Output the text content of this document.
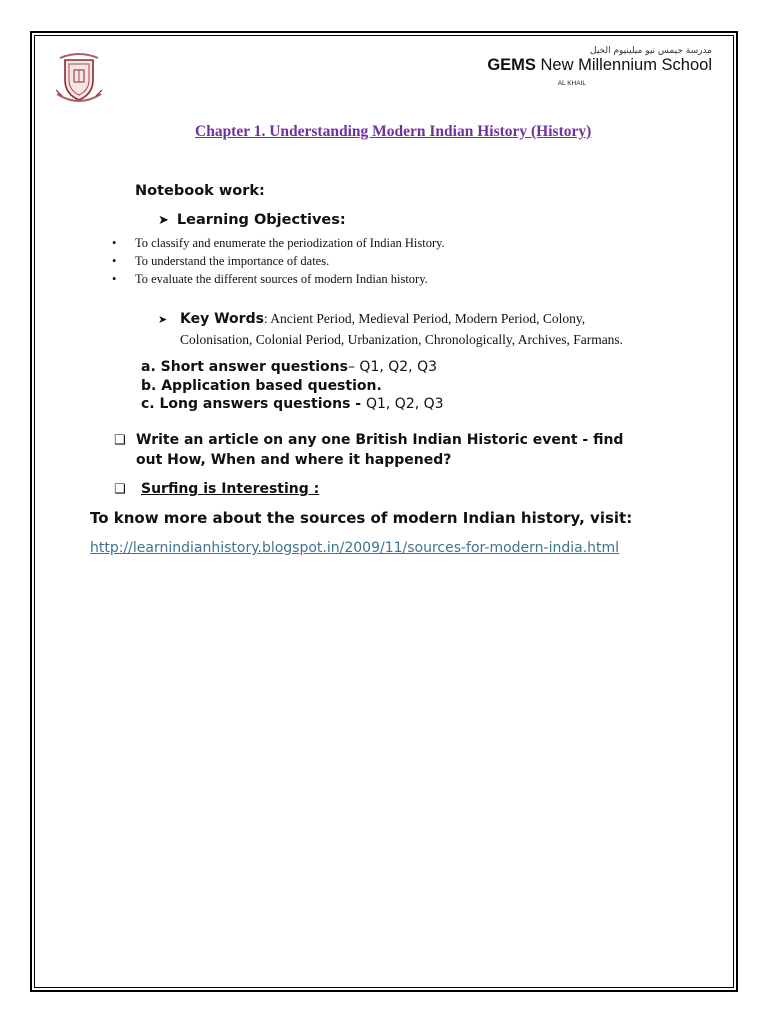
مدرسة جيمس نيو ميلينيوم الخيل
GEMS New Millennium School
AL KHAIL
Chapter 1. Understanding Modern Indian History (History)
Notebook work:
➤ Learning Objectives:
•	To classify and enumerate the periodization of Indian History.
•	To understand the importance of dates.
•	To evaluate the different sources of modern Indian history.
➤ Key Words: Ancient Period, Medieval Period, Modern Period, Colony,
Colonisation, Colonial Period, Urbanization, Chronologically, Archives, Farmans.
a. Short answer questions– Q1, Q2, Q3
b. Application based question.
c. Long answers questions - Q1, Q2, Q3
❑ Write an article on any one British Indian Historic event - find
out How, When and where it happened?
❑ Surfing is Interesting :
To know more about the sources of modern Indian history, visit:
http://learnindianhistory.blogspot.in/2009/11/sources-for-modern-india.html
